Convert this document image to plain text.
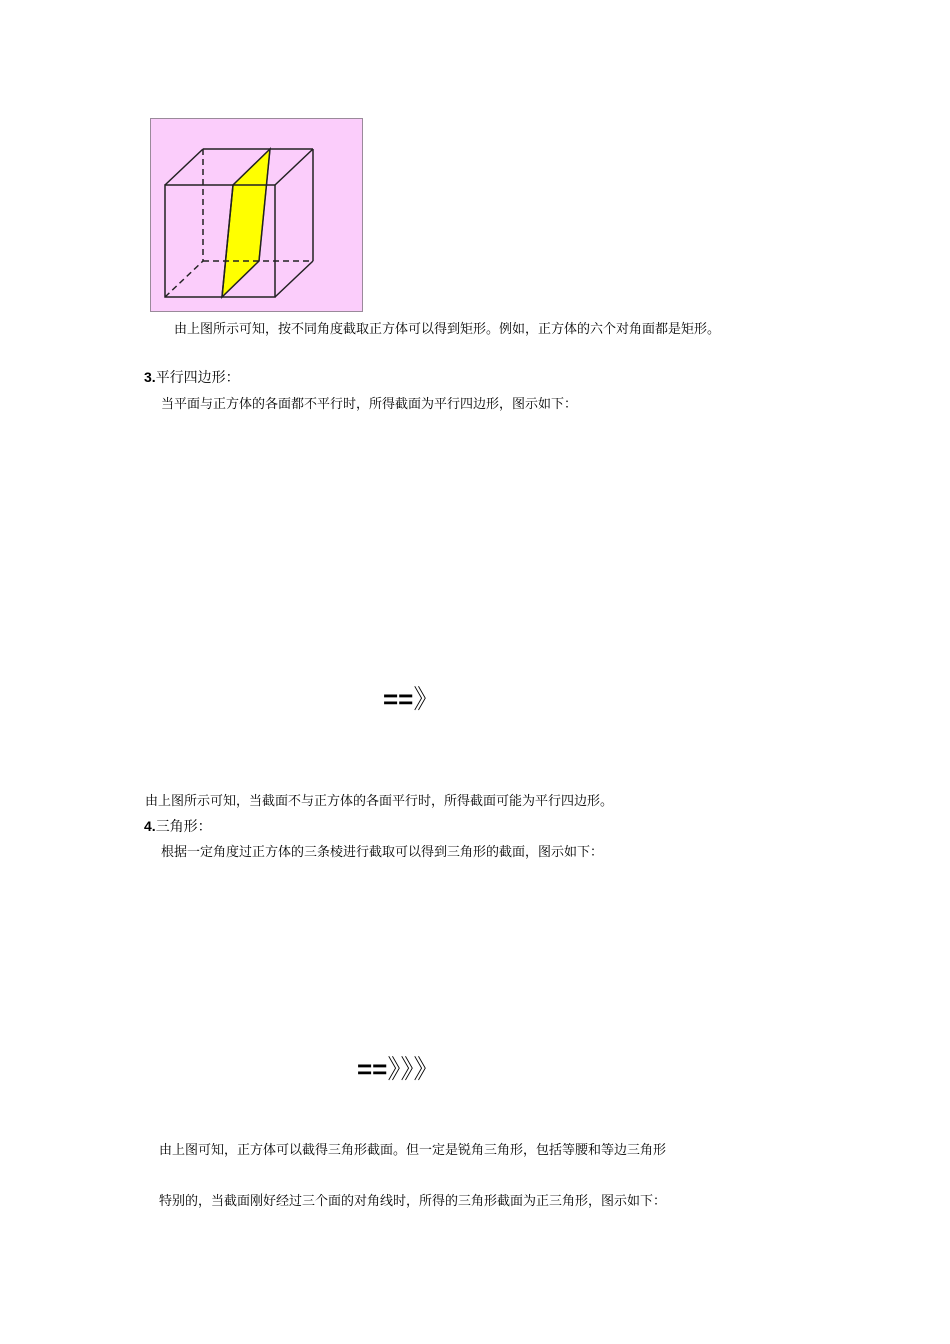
由上图所示可知，按不同角度截取正方体可以得到矩形。例如，正方体的六个对角面都是矩形。
3.平行四边形：
当平面与正方体的各面都不平行时，所得截面为平行四边形，图示如下：
==》
由上图所示可知，当截面不与正方体的各面平行时，所得截面可能为平行四边形。
4.三角形：
根据一定角度过正方体的三条棱进行截取可以得到三角形的截面，图示如下：
==》》》
由上图可知，正方体可以截得三角形截面。但一定是锐角三角形，包括等腰和等边三角形
特别的，当截面刚好经过三个面的对角线时，所得的三角形截面为正三角形，图示如下：
